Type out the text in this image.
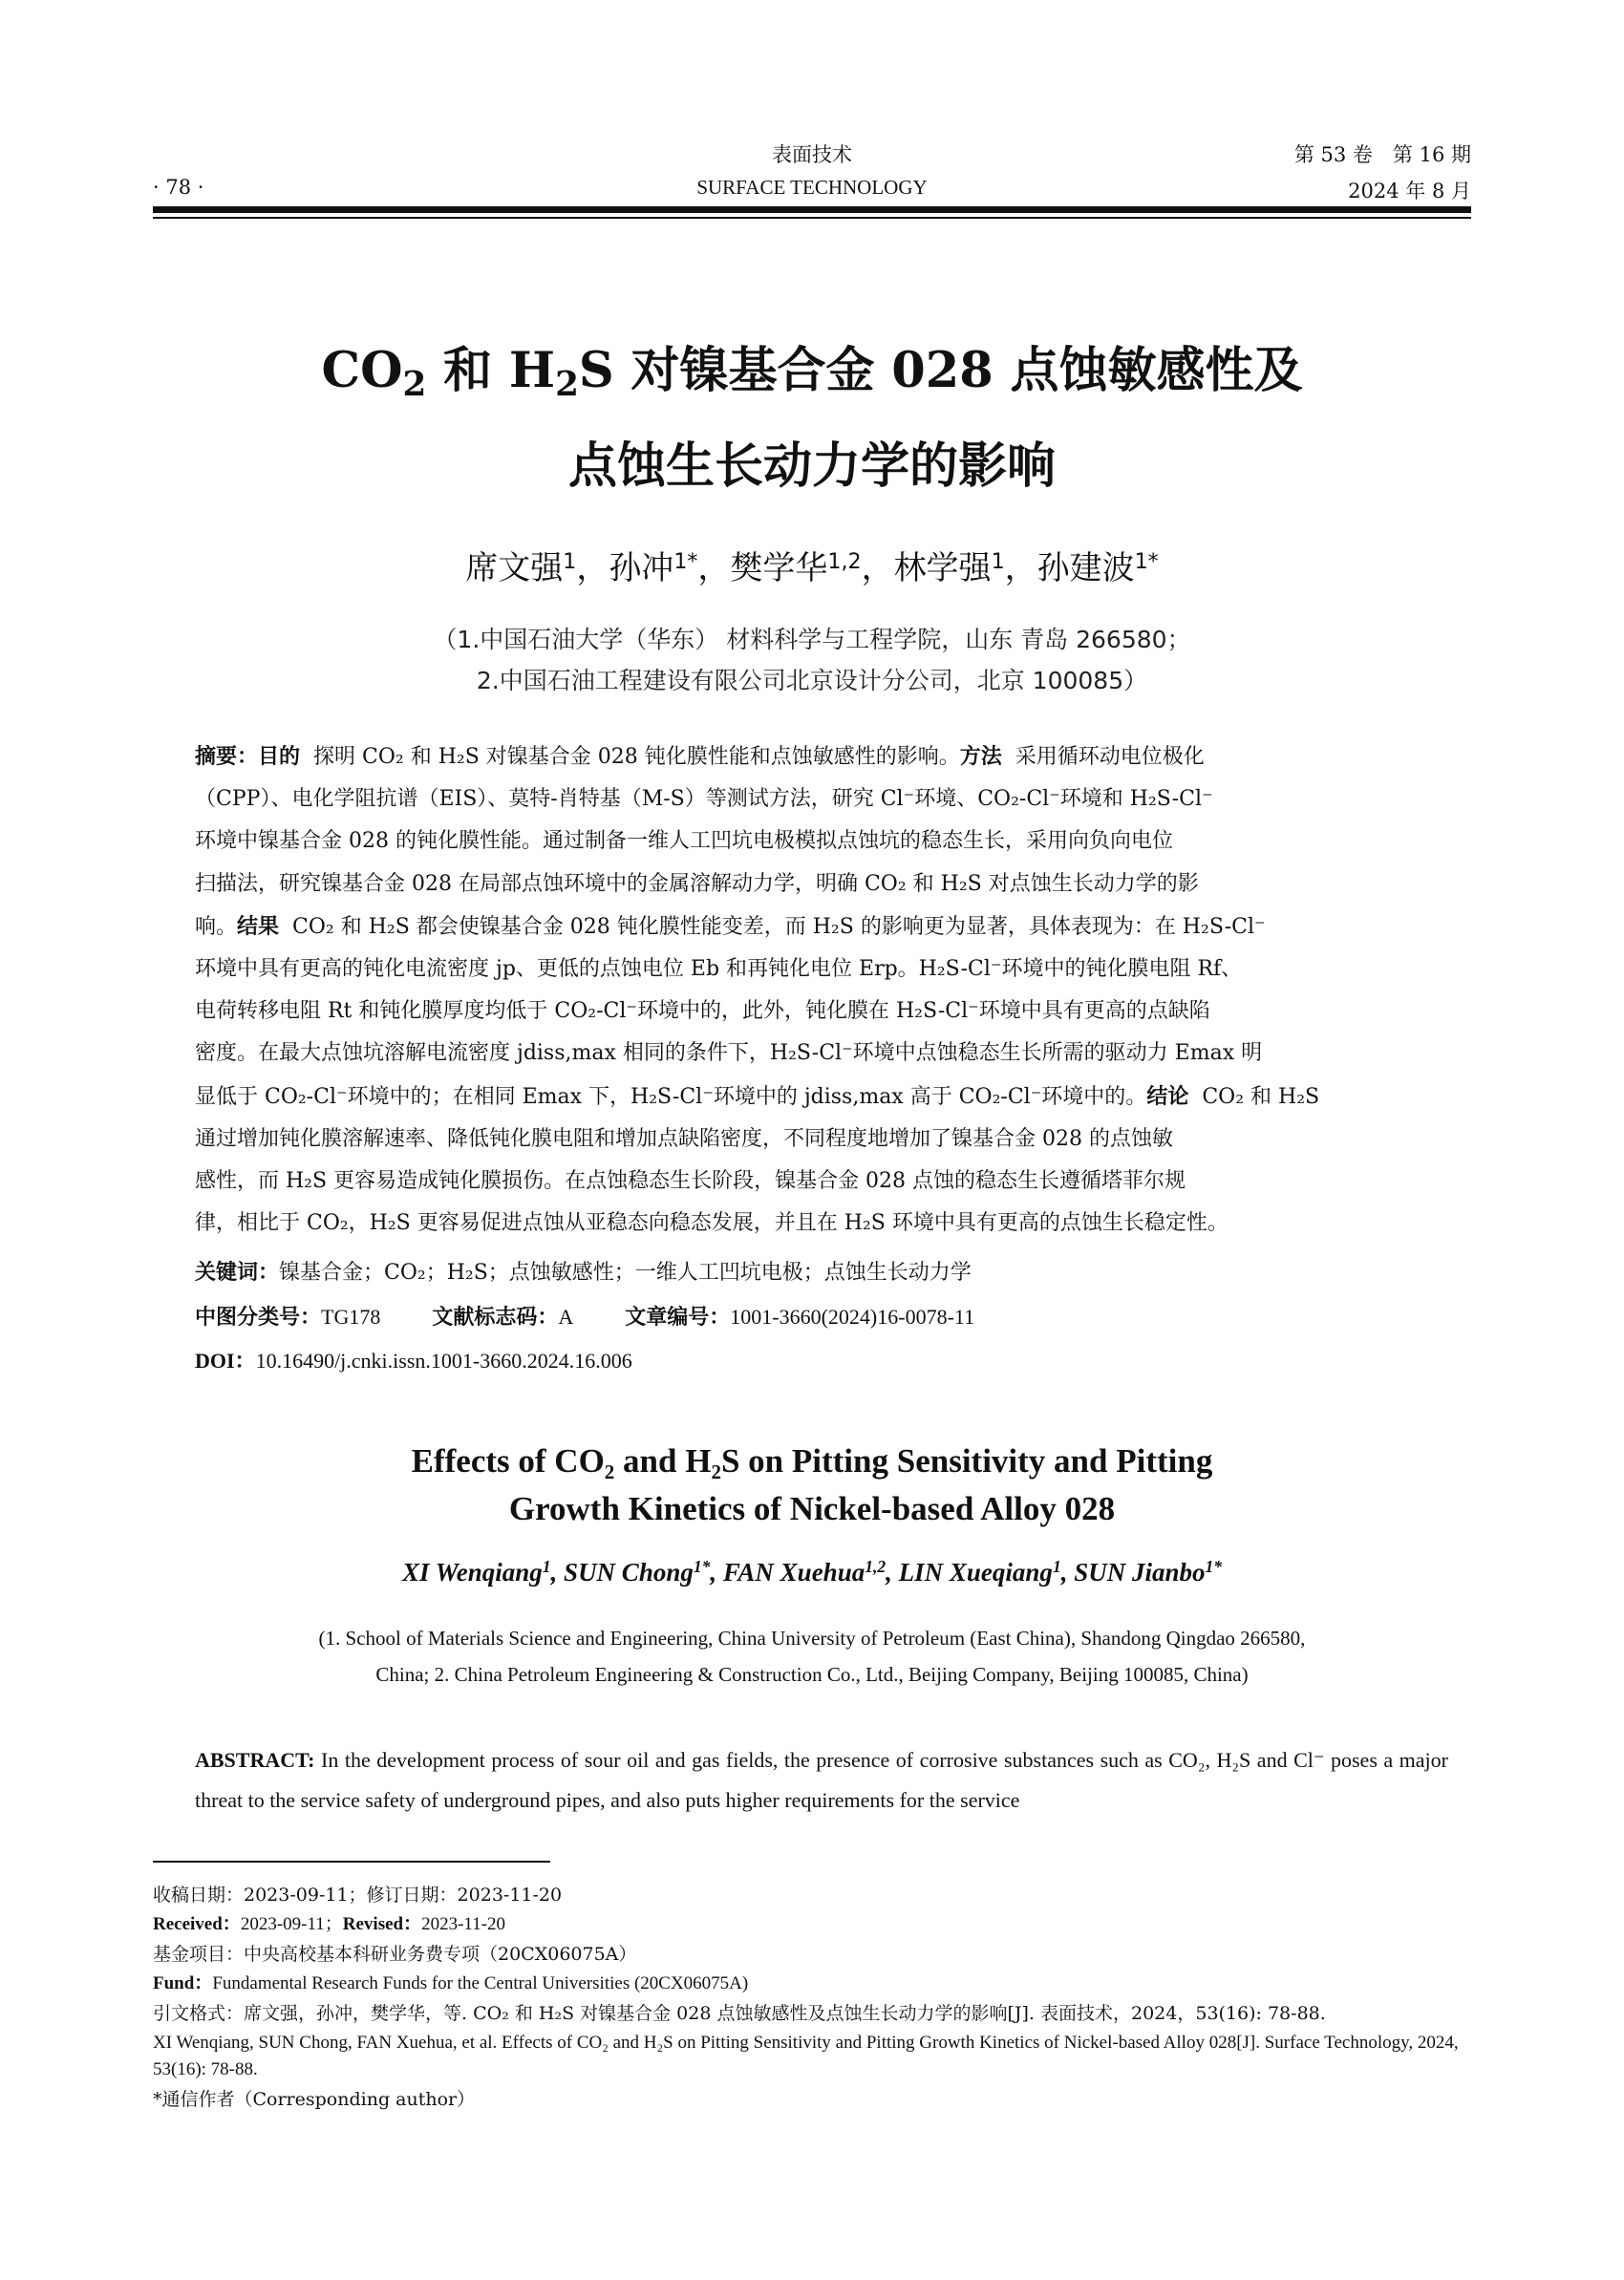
· 78 ·
表面技术
SURFACE TECHNOLOGY
第 53 卷　第 16 期
2024 年 8 月
$CO_2$ 和 $H_2S$ 对镍基合金 028 点蚀敏感性及
点蚀生长动力学的影响
席文强$^1$，孙冲$^{1*}$，樊学华$^{1,2}$，林学强$^1$，孙建波$^{1*}$
（1.中国石油大学（华东） 材料科学与工程学院，山东 青岛 266580；
2.中国石油工程建设有限公司北京设计分公司，北京 100085）

摘要：目的 探明 CO₂ 和 H₂S 对镍基合金 028 钝化膜性能和点蚀敏感性的影响。方法 采用循环动电位极化

（CPP）、电化学阻抗谱（EIS）、莫特-肖特基（M-S）等测试方法，研究 Cl⁻环境、CO₂-Cl⁻环境和 H₂S-Cl⁻

环境中镍基合金 028 的钝化膜性能。通过制备一维人工凹坑电极模拟点蚀坑的稳态生长，采用向负向电位

扫描法，研究镍基合金 028 在局部点蚀环境中的金属溶解动力学，明确 CO₂ 和 H₂S 对点蚀生长动力学的影

响。结果 CO₂ 和 H₂S 都会使镍基合金 028 钝化膜性能变差，而 H₂S 的影响更为显著，具体表现为：在 H₂S-Cl⁻

环境中具有更高的钝化电流密度 jp、更低的点蚀电位 Eb 和再钝化电位 Erp。H₂S-Cl⁻环境中的钝化膜电阻 Rf、

电荷转移电阻 Rt 和钝化膜厚度均低于 CO₂-Cl⁻环境中的，此外，钝化膜在 H₂S-Cl⁻环境中具有更高的点缺陷

密度。在最大点蚀坑溶解电流密度 jdiss,max 相同的条件下，H₂S-Cl⁻环境中点蚀稳态生长所需的驱动力 Emax 明

显低于 CO₂-Cl⁻环境中的；在相同 Emax 下，H₂S-Cl⁻环境中的 jdiss,max 高于 CO₂-Cl⁻环境中的。结论 CO₂ 和 H₂S

通过增加钝化膜溶解速率、降低钝化膜电阻和增加点缺陷密度，不同程度地增加了镍基合金 028 的点蚀敏

感性，而 H₂S 更容易造成钝化膜损伤。在点蚀稳态生长阶段，镍基合金 028 点蚀的稳态生长遵循塔菲尔规

律，相比于 CO₂，H₂S 更容易促进点蚀从亚稳态向稳态发展，并且在 H₂S 环境中具有更高的点蚀生长稳定性。

关键词：镍基合金；CO₂；H₂S；点蚀敏感性；一维人工凹坑电极；点蚀生长动力学
中图分类号：TG178 文献标志码：A 文章编号：1001-3660(2024)16-0078-11
DOI：10.16490/j.cnki.issn.1001-3660.2024.16.006
Effects of CO₂ and H₂S on Pitting Sensitivity and Pitting
Growth Kinetics of Nickel-based Alloy 028
XI Wenqiang$^1$, SUN Chong$^{1*}$, FAN Xuehua$^{1,2}$, LIN Xueqiang$^1$, SUN Jianbo$^{1*}$
(1. School of Materials Science and Engineering, China University of Petroleum (East China), Shandong Qingdao 266580,
China; 2. China Petroleum Engineering & Construction Co., Ltd., Beijing Company, Beijing 100085, China)
ABSTRACT: In the development process of sour oil and gas fields, the presence of corrosive substances such as CO₂, H₂S and Cl⁻ poses a major threat to the service safety of underground pipes, and also puts higher requirements for the service

收稿日期：2023-09-11；修订日期：2023-11-20

Received：2023-09-11；Revised：2023-11-20

基金项目：中央高校基本科研业务费专项（20CX06075A）

Fund：Fundamental Research Funds for the Central Universities (20CX06075A)

引文格式：席文强，孙冲，樊学华，等. CO₂ 和 H₂S 对镍基合金 028 点蚀敏感性及点蚀生长动力学的影响[J]. 表面技术，2024，53(16): 78-88.

XI Wenqiang, SUN Chong, FAN Xuehua, et al. Effects of CO₂ and H₂S on Pitting Sensitivity and Pitting Growth Kinetics of Nickel-based Alloy 028[J]. Surface Technology, 2024, 53(16): 78-88.

*通信作者（Corresponding author）
